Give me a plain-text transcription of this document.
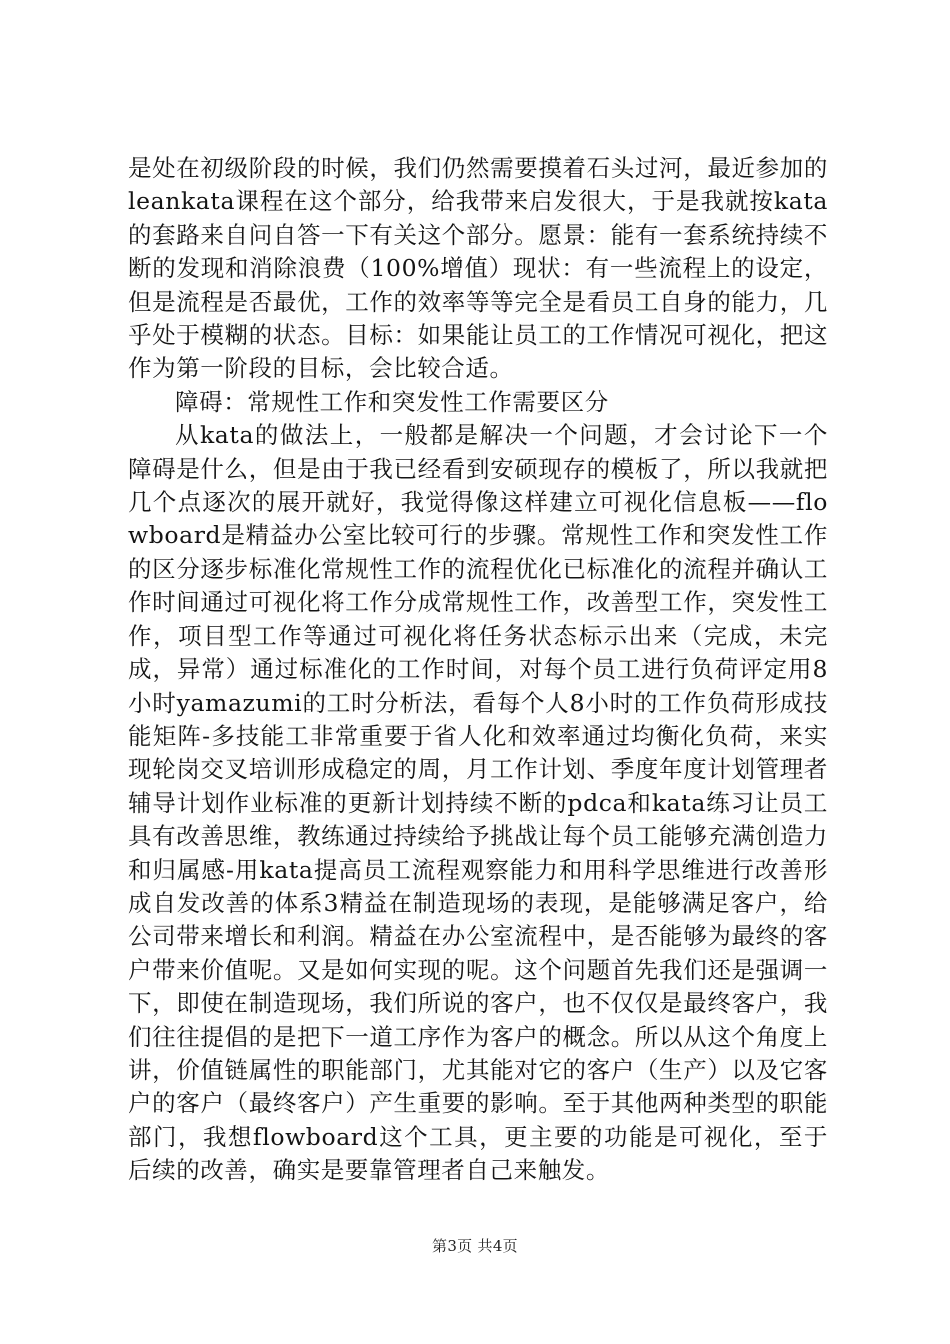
是处在初级阶段的时候，我们仍然需要摸着石头过河，最近参加的leankata课程在这个部分，给我带来启发很大，于是我就按kata的套路来自问自答一下有关这个部分。愿景：能有一套系统持续不断的发现和消除浪费（100%增值）现状：有一些流程上的设定，但是流程是否最优，工作的效率等等完全是看员工自身的能力，几乎处于模糊的状态。目标：如果能让员工的工作情况可视化，把这作为第一阶段的目标，会比较合适。

障碍：常规性工作和突发性工作需要区分

从kata的做法上，一般都是解决一个问题，才会讨论下一个障碍是什么，但是由于我已经看到安硕现存的模板了，所以我就把几个点逐次的展开就好，我觉得像这样建立可视化信息板——flowboard是精益办公室比较可行的步骤。常规性工作和突发性工作的区分逐步标准化常规性工作的流程优化已标准化的流程并确认工作时间通过可视化将工作分成常规性工作，改善型工作，突发性工作，项目型工作等通过可视化将任务状态标示出来（完成，未完成，异常）通过标准化的工作时间，对每个员工进行负荷评定用8小时yamazumi的工时分析法，看每个人8小时的工作负荷形成技能矩阵-多技能工非常重要于省人化和效率通过均衡化负荷，来实现轮岗交叉培训形成稳定的周，月工作计划、季度年度计划管理者辅导计划作业标准的更新计划持续不断的pdca和kata练习让员工具有改善思维，教练通过持续给予挑战让每个员工能够充满创造力和归属感-用kata提高员工流程观察能力和用科学思维进行改善形成自发改善的体系3精益在制造现场的表现，是能够满足客户，给公司带来增长和利润。精益在办公室流程中，是否能够为最终的客户带来价值呢。又是如何实现的呢。这个问题首先我们还是强调一下，即使在制造现场，我们所说的客户，也不仅仅是最终客户，我们往往提倡的是把下一道工序作为客户的概念。所以从这个角度上讲，价值链属性的职能部门，尤其能对它的客户（生产）以及它客户的客户（最终客户）产生重要的影响。至于其他两种类型的职能部门，我想flowboard这个工具，更主要的功能是可视化，至于后续的改善，确实是要靠管理者自己来触发。

第3页 共4页
